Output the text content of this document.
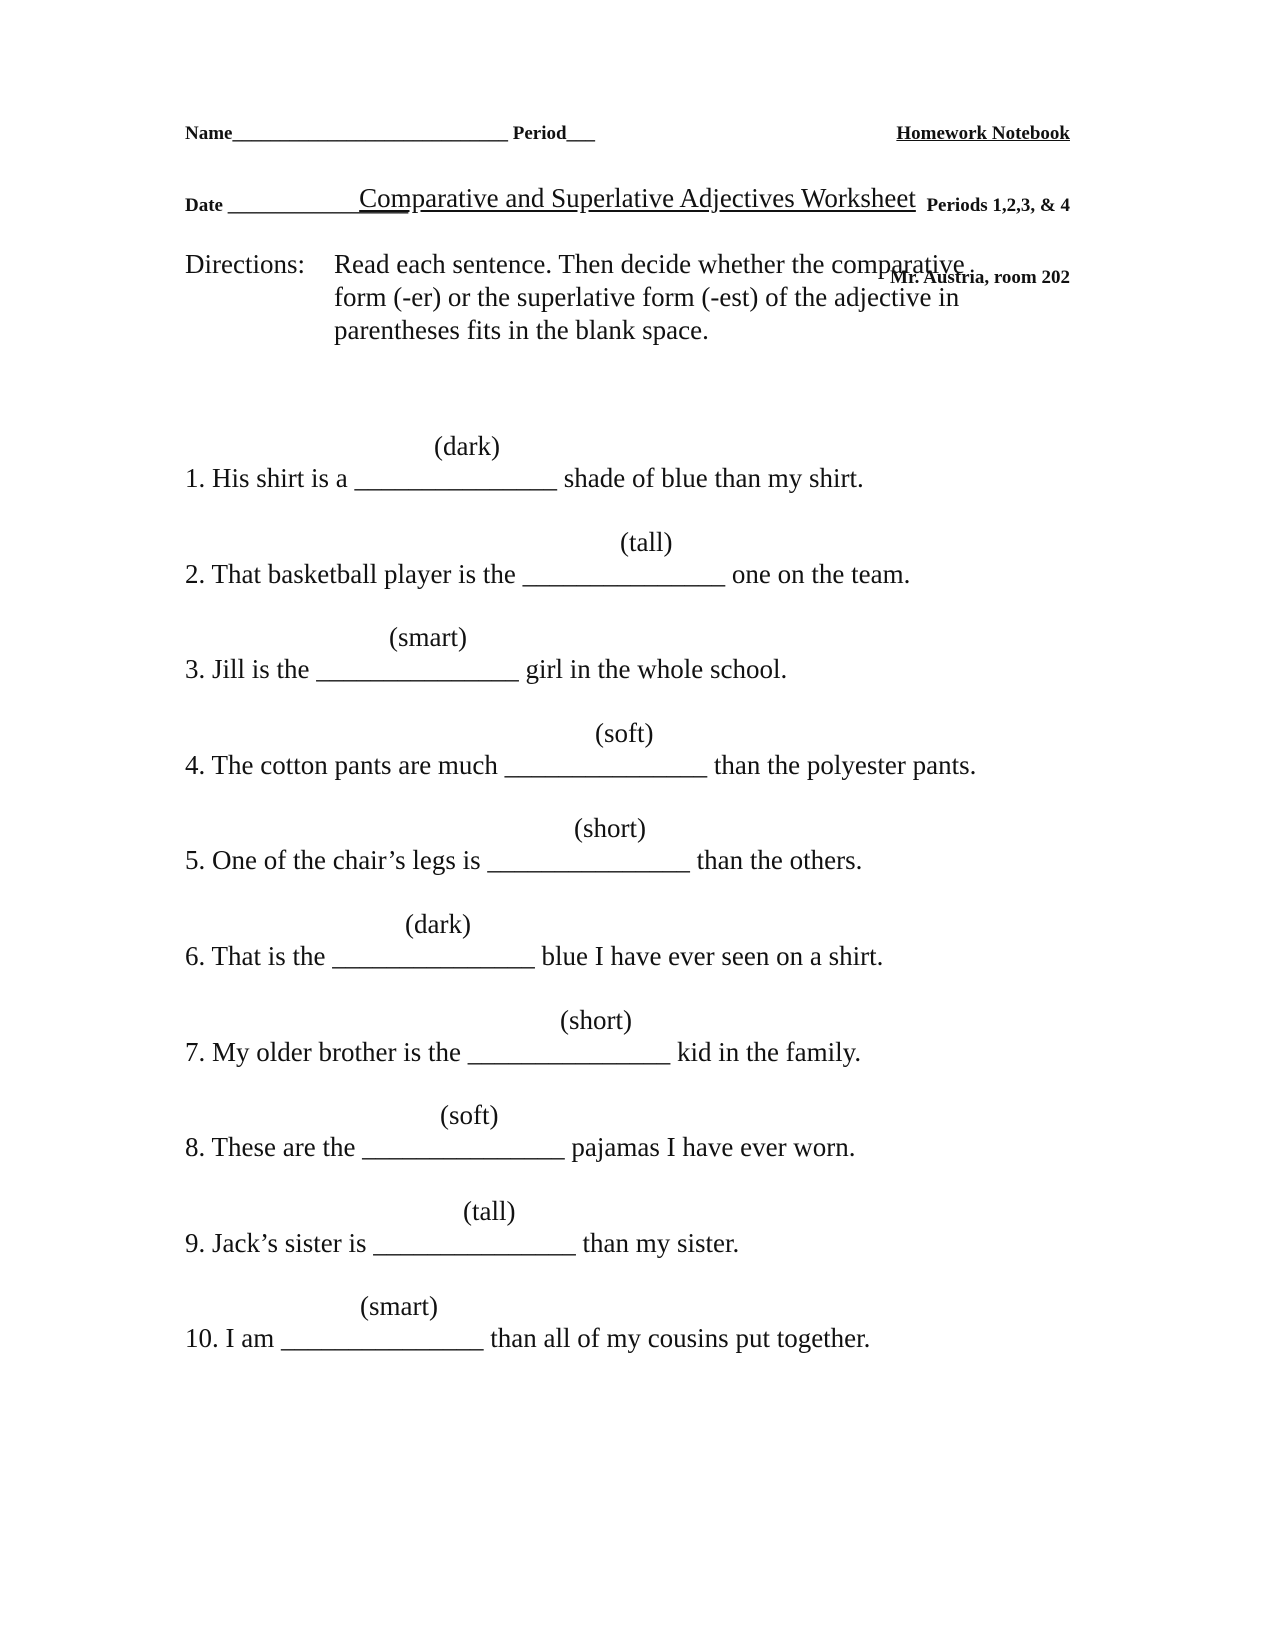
Name_____________________________ Period___

Date ___________________

Homework Notebook

Periods 1,2,3, & 4

Mr. Austria, room 202

Comparative and Superlative Adjectives Worksheet
Directions: Read each sentence. Then decide whether the comparative
form (-er) or the superlative form (-est) of the adjective in
parentheses fits in the blank space.

1. His shirt is a _______________ shade of blue than my shirt.

(dark)

2. That basketball player is the _______________ one on the team.

(tall)

3. Jill is the _______________ girl in the whole school.

(smart)

4. The cotton pants are much _______________ than the polyester pants.

(soft)

5. One of the chair’s legs is _______________ than the others.

(short)

6. That is the _______________ blue I have ever seen on a shirt.

(dark)

7. My older brother is the _______________ kid in the family.

(short)

8. These are the _______________ pajamas I have ever worn.

(soft)

9. Jack’s sister is _______________ than my sister.

(tall)

10. I am _______________ than all of my cousins put together.

(smart)
